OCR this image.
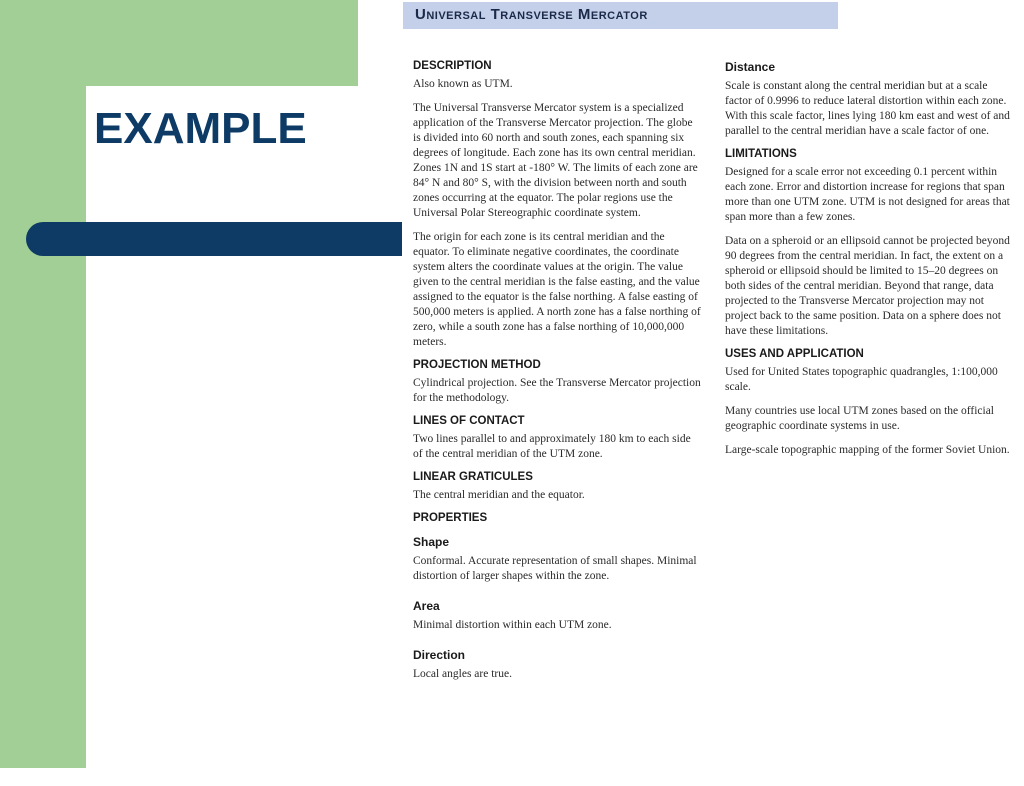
EXAMPLE
Universal Transverse Mercator
DESCRIPTION
Also known as UTM.
The Universal Transverse Mercator system is a specialized application of the Transverse Mercator projection. The globe is divided into 60 north and south zones, each spanning six degrees of longitude. Each zone has its own central meridian. Zones 1N and 1S start at -180° W. The limits of each zone are 84° N and 80° S, with the division between north and south zones occurring at the equator. The polar regions use the Universal Polar Stereographic coordinate system.
The origin for each zone is its central meridian and the equator. To eliminate negative coordinates, the coordinate system alters the coordinate values at the origin. The value given to the central meridian is the false easting, and the value assigned to the equator is the false northing. A false easting of 500,000 meters is applied. A north zone has a false northing of zero, while a south zone has a false northing of 10,000,000 meters.
PROJECTION METHOD
Cylindrical projection. See the Transverse Mercator projection for the methodology.
LINES OF CONTACT
Two lines parallel to and approximately 180 km to each side of the central meridian of the UTM zone.
LINEAR GRATICULES
The central meridian and the equator.
PROPERTIES
Shape
Conformal. Accurate representation of small shapes. Minimal distortion of larger shapes within the zone.
Area
Minimal distortion within each UTM zone.
Direction
Local angles are true.
Distance
Scale is constant along the central meridian but at a scale factor of 0.9996 to reduce lateral distortion within each zone. With this scale factor, lines lying 180 km east and west of and parallel to the central meridian have a scale factor of one.
LIMITATIONS
Designed for a scale error not exceeding 0.1 percent within each zone. Error and distortion increase for regions that span more than one UTM zone. UTM is not designed for areas that span more than a few zones.
Data on a spheroid or an ellipsoid cannot be projected beyond 90 degrees from the central meridian. In fact, the extent on a spheroid or ellipsoid should be limited to 15–20 degrees on both sides of the central meridian. Beyond that range, data projected to the Transverse Mercator projection may not project back to the same position. Data on a sphere does not have these limitations.
USES AND APPLICATION
Used for United States topographic quadrangles, 1:100,000 scale.
Many countries use local UTM zones based on the official geographic coordinate systems in use.
Large-scale topographic mapping of the former Soviet Union.
